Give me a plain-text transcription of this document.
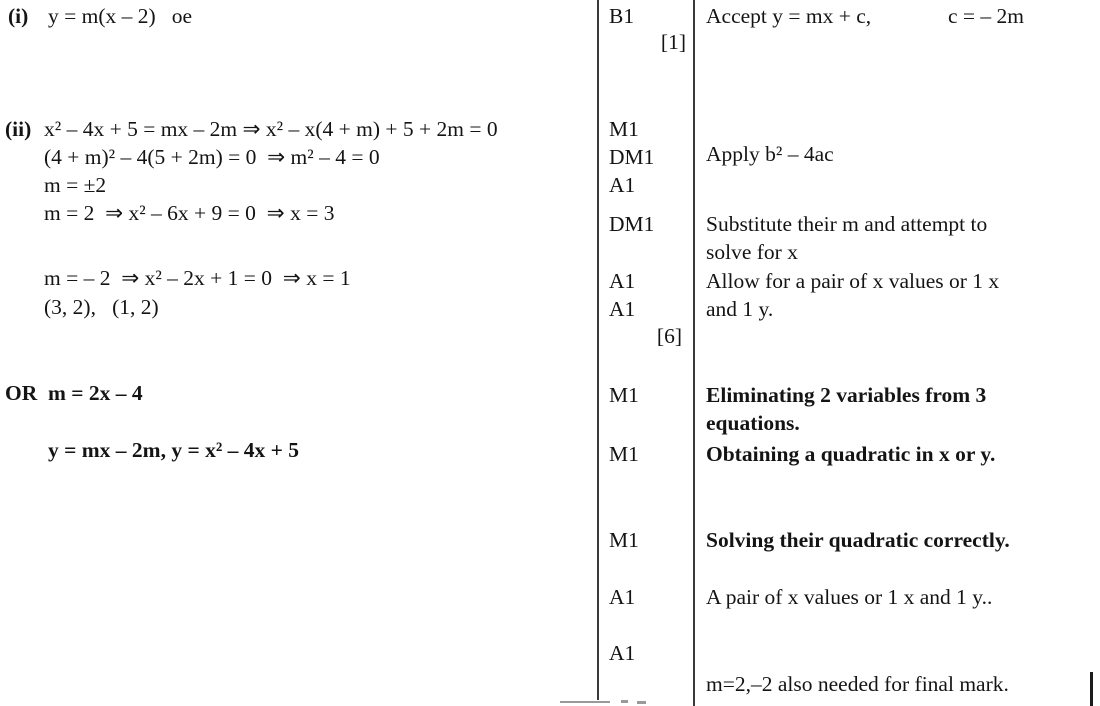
(i) y = m(x – 2)   oe	B1
[1]
Accept y = mx + c,	c = – 2m
(ii) x² – 4x + 5 = mx – 2m ⇒ x² – x(4 + m) + 5 + 2m = 0
(4 + m)² – 4(5 + 2m) = 0  ⇒ m² – 4 = 0
m = ±2
m = 2  ⇒ x² – 6x + 9 = 0  ⇒ x = 3
m = – 2  ⇒ x² – 2x + 1 = 0  ⇒ x = 1
(3, 2),   (1, 2)
M1
DM1
A1
DM1
A1
A1
[6]
Apply b² – 4ac
Substitute their m and attempt to
solve for x
Allow for a pair of x values or 1 x
and 1 y.
OR m = 2x – 4
y = mx – 2m, y = x² – 4x + 5
M1
M1
M1
A1
A1
Eliminating 2 variables from 3
equations.
Obtaining a quadratic in x or y.
Solving their quadratic correctly.
A pair of x values or 1 x and 1 y..
m=2,–2 also needed for final mark.
